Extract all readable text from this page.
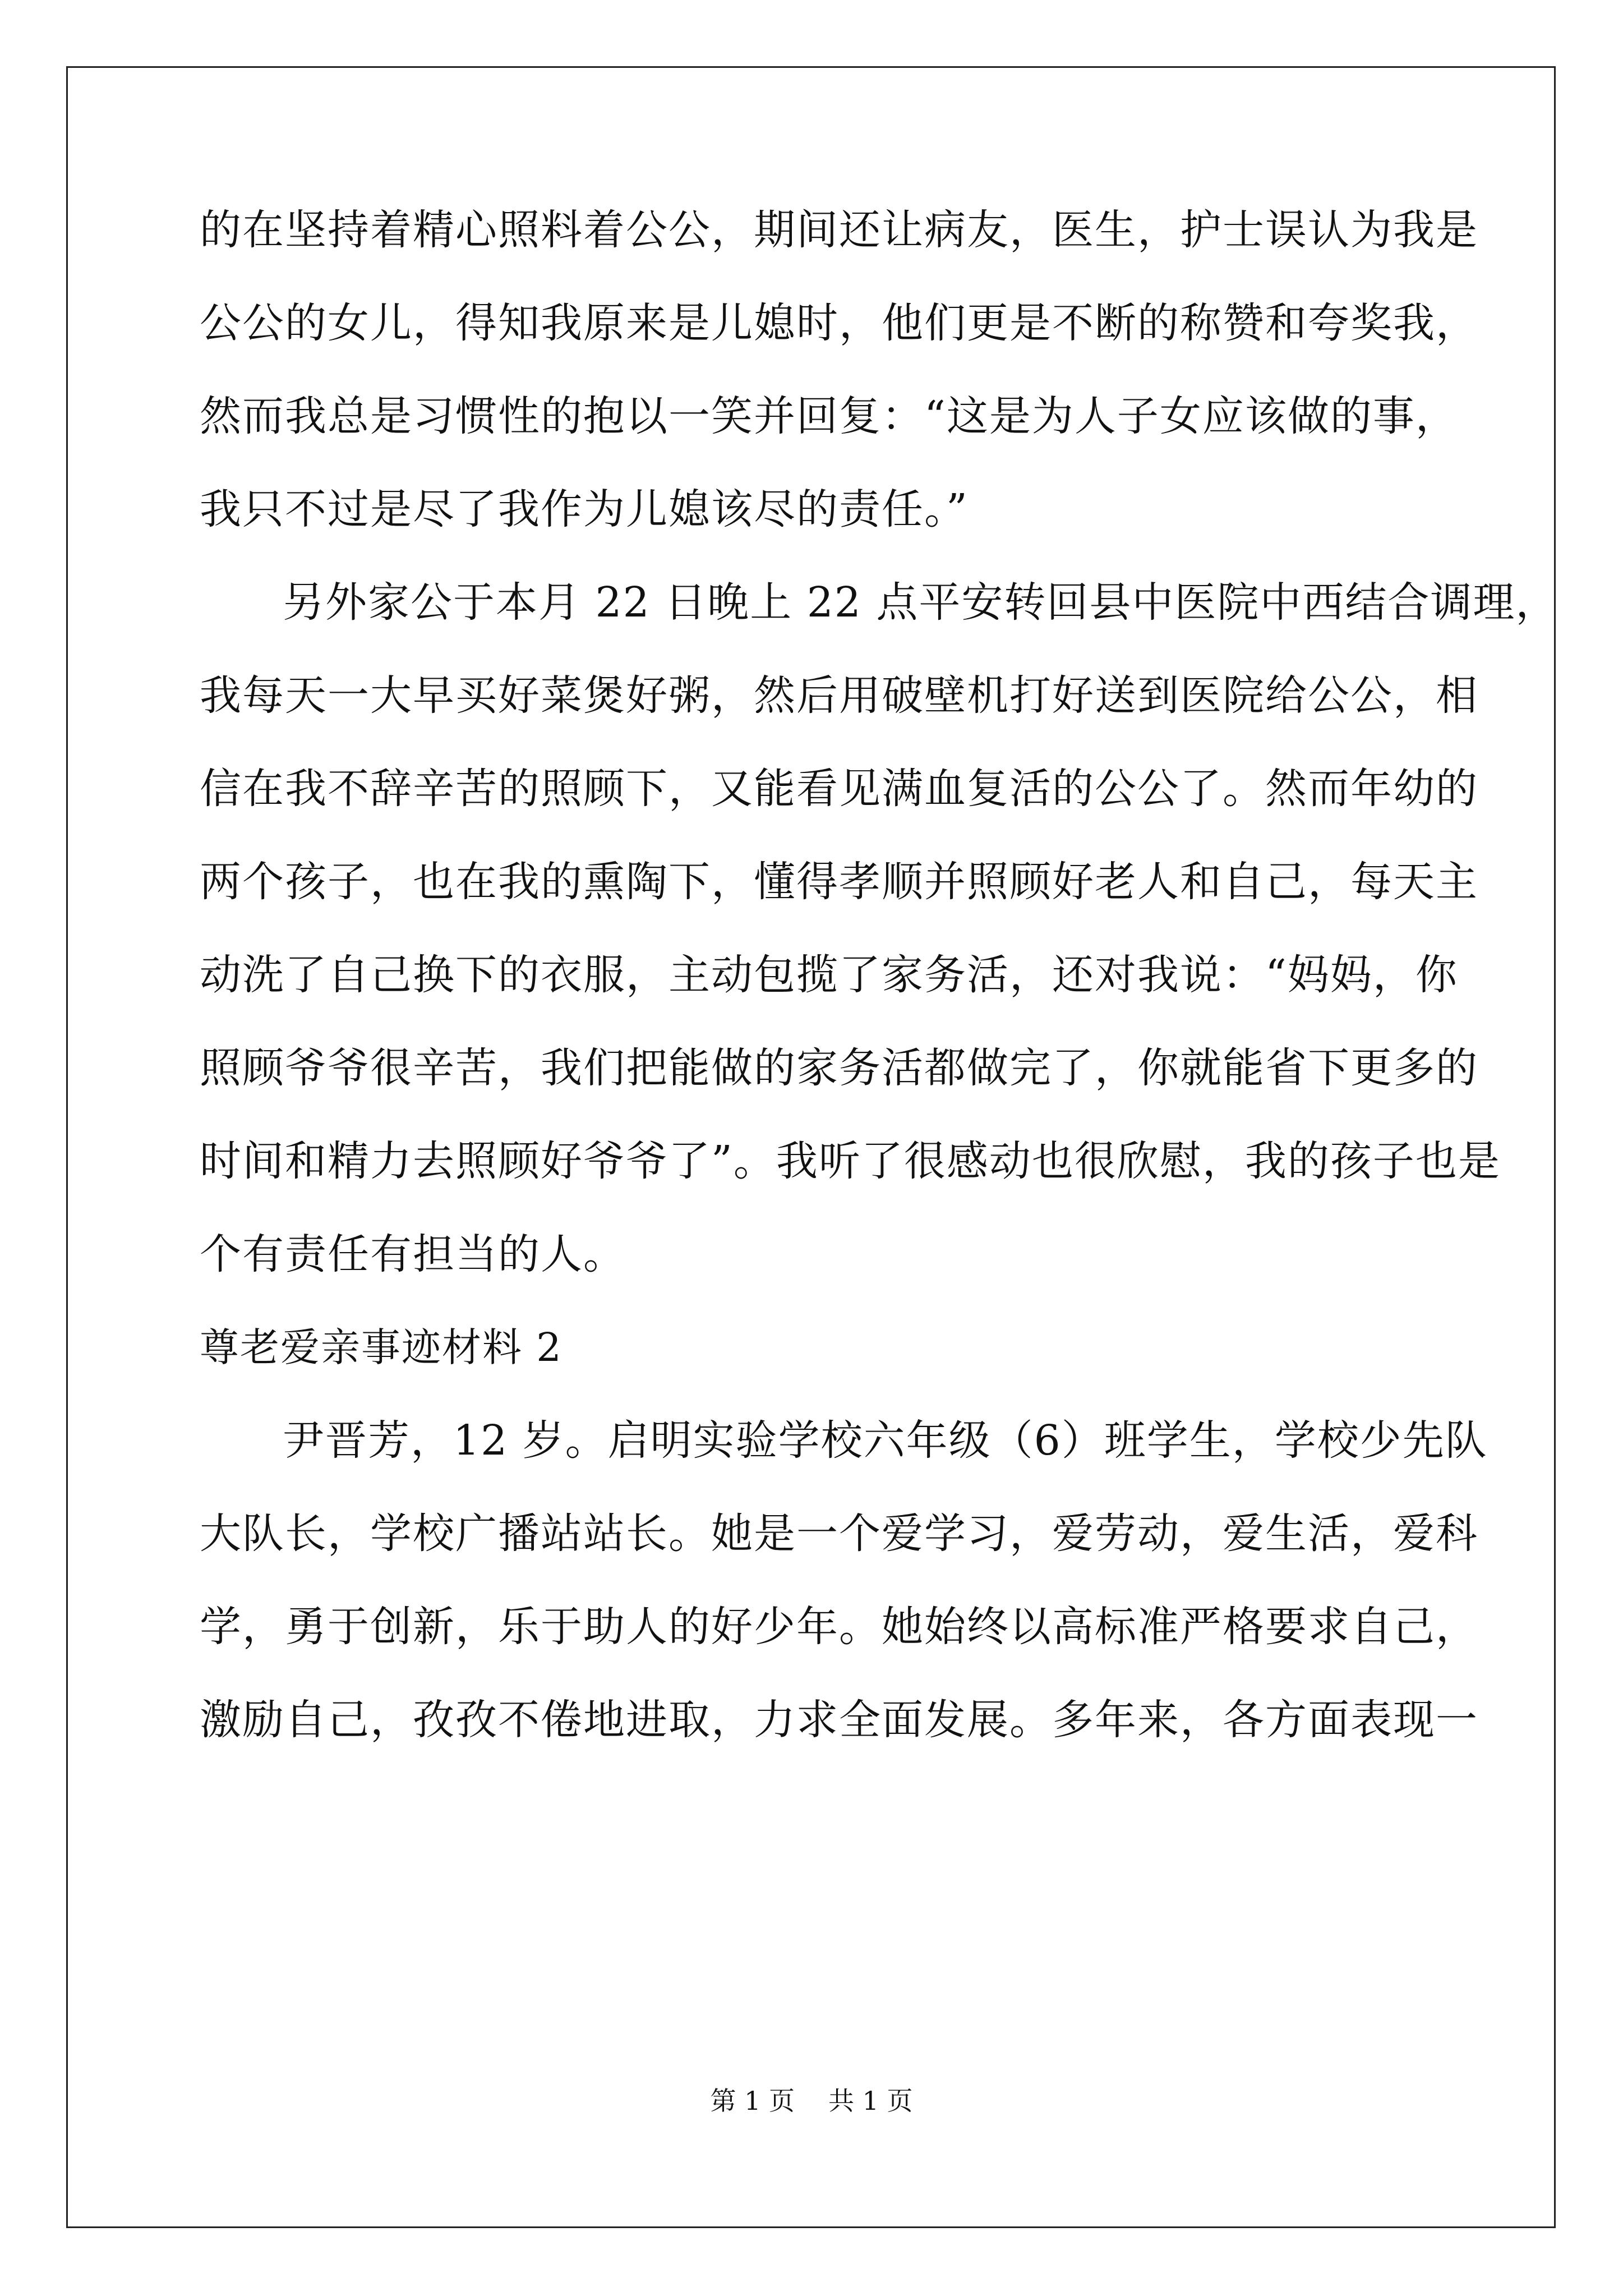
的在坚持着精心照料着公公，期间还让病友，医生，护士误认为我是
公公的女儿，得知我原来是儿媳时，他们更是不断的称赞和夸奖我，
然而我总是习惯性的抱以一笑并回复：“这是为人子女应该做的事，
我只不过是尽了我作为儿媳该尽的责任。”
另外家公于本月 22 日晚上 22 点平安转回县中医院中西结合调理，
我每天一大早买好菜煲好粥，然后用破壁机打好送到医院给公公，相
信在我不辞辛苦的照顾下，又能看见满血复活的公公了。然而年幼的
两个孩子，也在我的熏陶下，懂得孝顺并照顾好老人和自己，每天主
动洗了自己换下的衣服，主动包揽了家务活，还对我说：“妈妈，你
照顾爷爷很辛苦，我们把能做的家务活都做完了，你就能省下更多的
时间和精力去照顾好爷爷了”。我听了很感动也很欣慰，我的孩子也是
个有责任有担当的人。
尊老爱亲事迹材料 2
尹晋芳，12 岁。启明实验学校六年级（6）班学生，学校少先队
大队长，学校广播站站长。她是一个爱学习，爱劳动，爱生活，爱科
学，勇于创新，乐于助人的好少年。她始终以高标准严格要求自己，
激励自己，孜孜不倦地进取，力求全面发展。多年来，各方面表现一
第 1 页 共 1 页
